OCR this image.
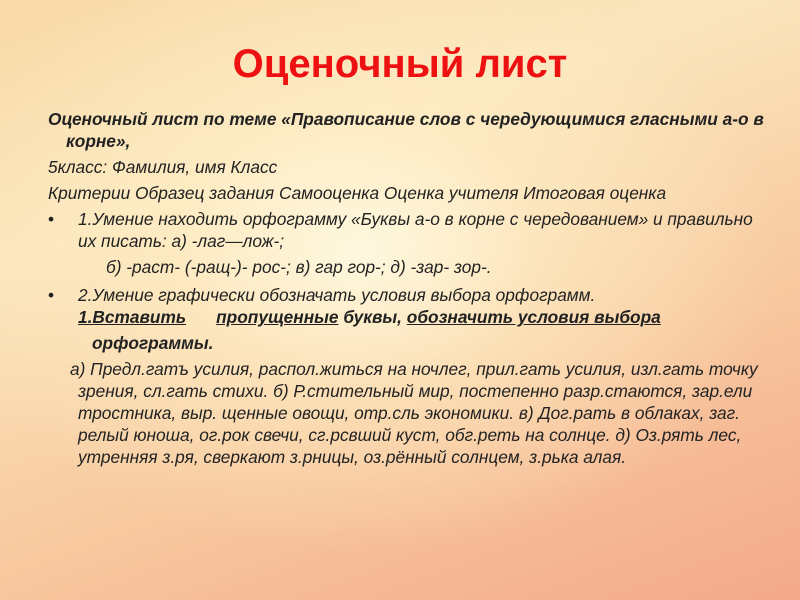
Оценочный лист
Оценочный лист по теме «Правописание слов с чередующимися гласными а-о в корне»,
5класс: Фамилия, имя Класс
Критерии Образец задания Самооценка Оценка учителя Итоговая оценка
•	1.Умение находить орфограмму «Буквы а-о в корне с чередованием» и правильно их писать: а) -лаг—лож-;
б) -раст- (-ращ-)- рос-; в) гар гор-; д) -зар- зор-.
•	2.Умение графически обозначать условия выбора орфограмм.
1.Вставить пропущенные буквы, обозначить условия выбора
орфограммы.
а) Предл.гатъ усилия, распол.житься на ночлег, прил.гать усилия, изл.гать точку зрения, сл.гать стихи. б) Р.стительный мир, постепенно разр.стаются, зар.ели тростника, выр. щенные овощи, отр.сль экономики. в) Дог.рать в облаках, заг. релый юноша, ог.рок свечи, сг.рсвший куст, обг.реть на солнце. д) Оз.рять лес, утренняя з.ря, сверкают з.рницы, оз.рённый солнцем, з.рька алая.
